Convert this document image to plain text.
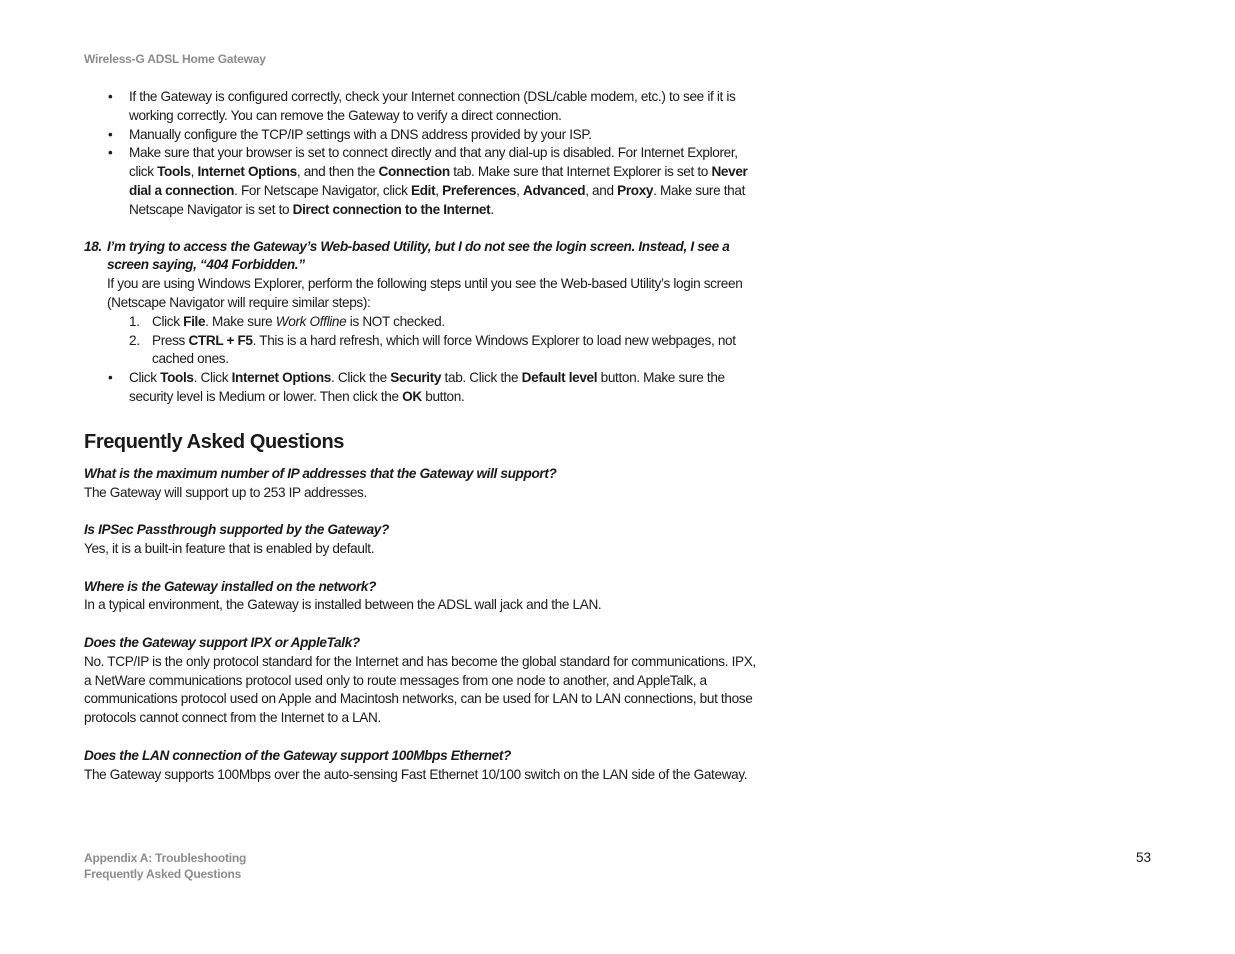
Wireless-G ADSL Home Gateway
• If the Gateway is configured correctly, check your Internet connection (DSL/cable modem, etc.) to see if it is working correctly. You can remove the Gateway to verify a direct connection.
• Manually configure the TCP/IP settings with a DNS address provided by your ISP.
• Make sure that your browser is set to connect directly and that any dial-up is disabled. For Internet Explorer, click Tools, Internet Options, and then the Connection tab. Make sure that Internet Explorer is set to Never dial a connection. For Netscape Navigator, click Edit, Preferences, Advanced, and Proxy. Make sure that Netscape Navigator is set to Direct connection to the Internet.

18. I’m trying to access the Gateway’s Web-based Utility, but I do not see the login screen. Instead, I see a screen saying, “404 Forbidden.”

If you are using Windows Explorer, perform the following steps until you see the Web-based Utility’s login screen (Netscape Navigator will require similar steps):

1. Click File. Make sure Work Offline is NOT checked.
2. Press CTRL + F5. This is a hard refresh, which will force Windows Explorer to load new webpages, not cached ones.
• Click Tools. Click Internet Options. Click the Security tab. Click the Default level button. Make sure the security level is Medium or lower. Then click the OK button.
Frequently Asked Questions

What is the maximum number of IP addresses that the Gateway will support?

The Gateway will support up to 253 IP addresses.

Is IPSec Passthrough supported by the Gateway?

Yes, it is a built-in feature that is enabled by default.

Where is the Gateway installed on the network?

In a typical environment, the Gateway is installed between the ADSL wall jack and the LAN.

Does the Gateway support IPX or AppleTalk?

No. TCP/IP is the only protocol standard for the Internet and has become the global standard for communications. IPX, a NetWare communications protocol used only to route messages from one node to another, and AppleTalk, a communications protocol used on Apple and Macintosh networks, can be used for LAN to LAN connections, but those protocols cannot connect from the Internet to a LAN.

Does the LAN connection of the Gateway support 100Mbps Ethernet?

The Gateway supports 100Mbps over the auto-sensing Fast Ethernet 10/100 switch on the LAN side of the Gateway.

Appendix A: Troubleshooting
Frequently Asked Questions
53
